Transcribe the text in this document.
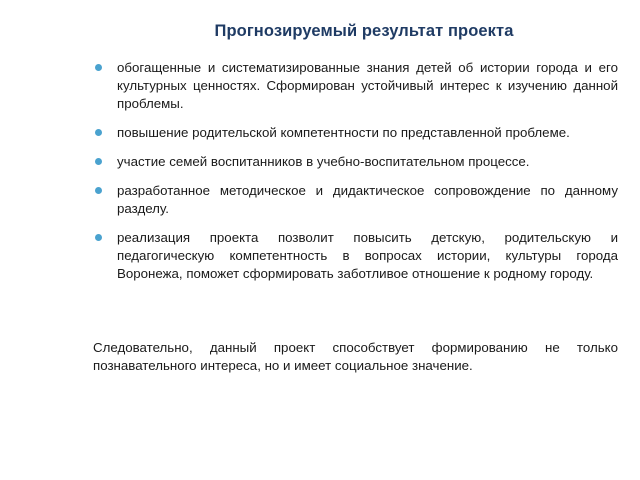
Прогнозируемый результат проекта
обогащенные и систематизированные знания детей об истории города и его культурных ценностях. Сформирован устойчивый интерес к изучению данной проблемы.
повышение родительской компетентности по представленной проблеме.
участие семей воспитанников в учебно-воспитательном процессе.
разработанное методическое и дидактическое сопровождение по данному разделу.
реализация проекта позволит повысить детскую, родительскую и педагогическую компетентность в вопросах истории, культуры города Воронежа, поможет сформировать заботливое отношение к родному городу.

Следовательно, данный проект способствует формированию не только познавательного интереса, но и имеет социальное значение.
